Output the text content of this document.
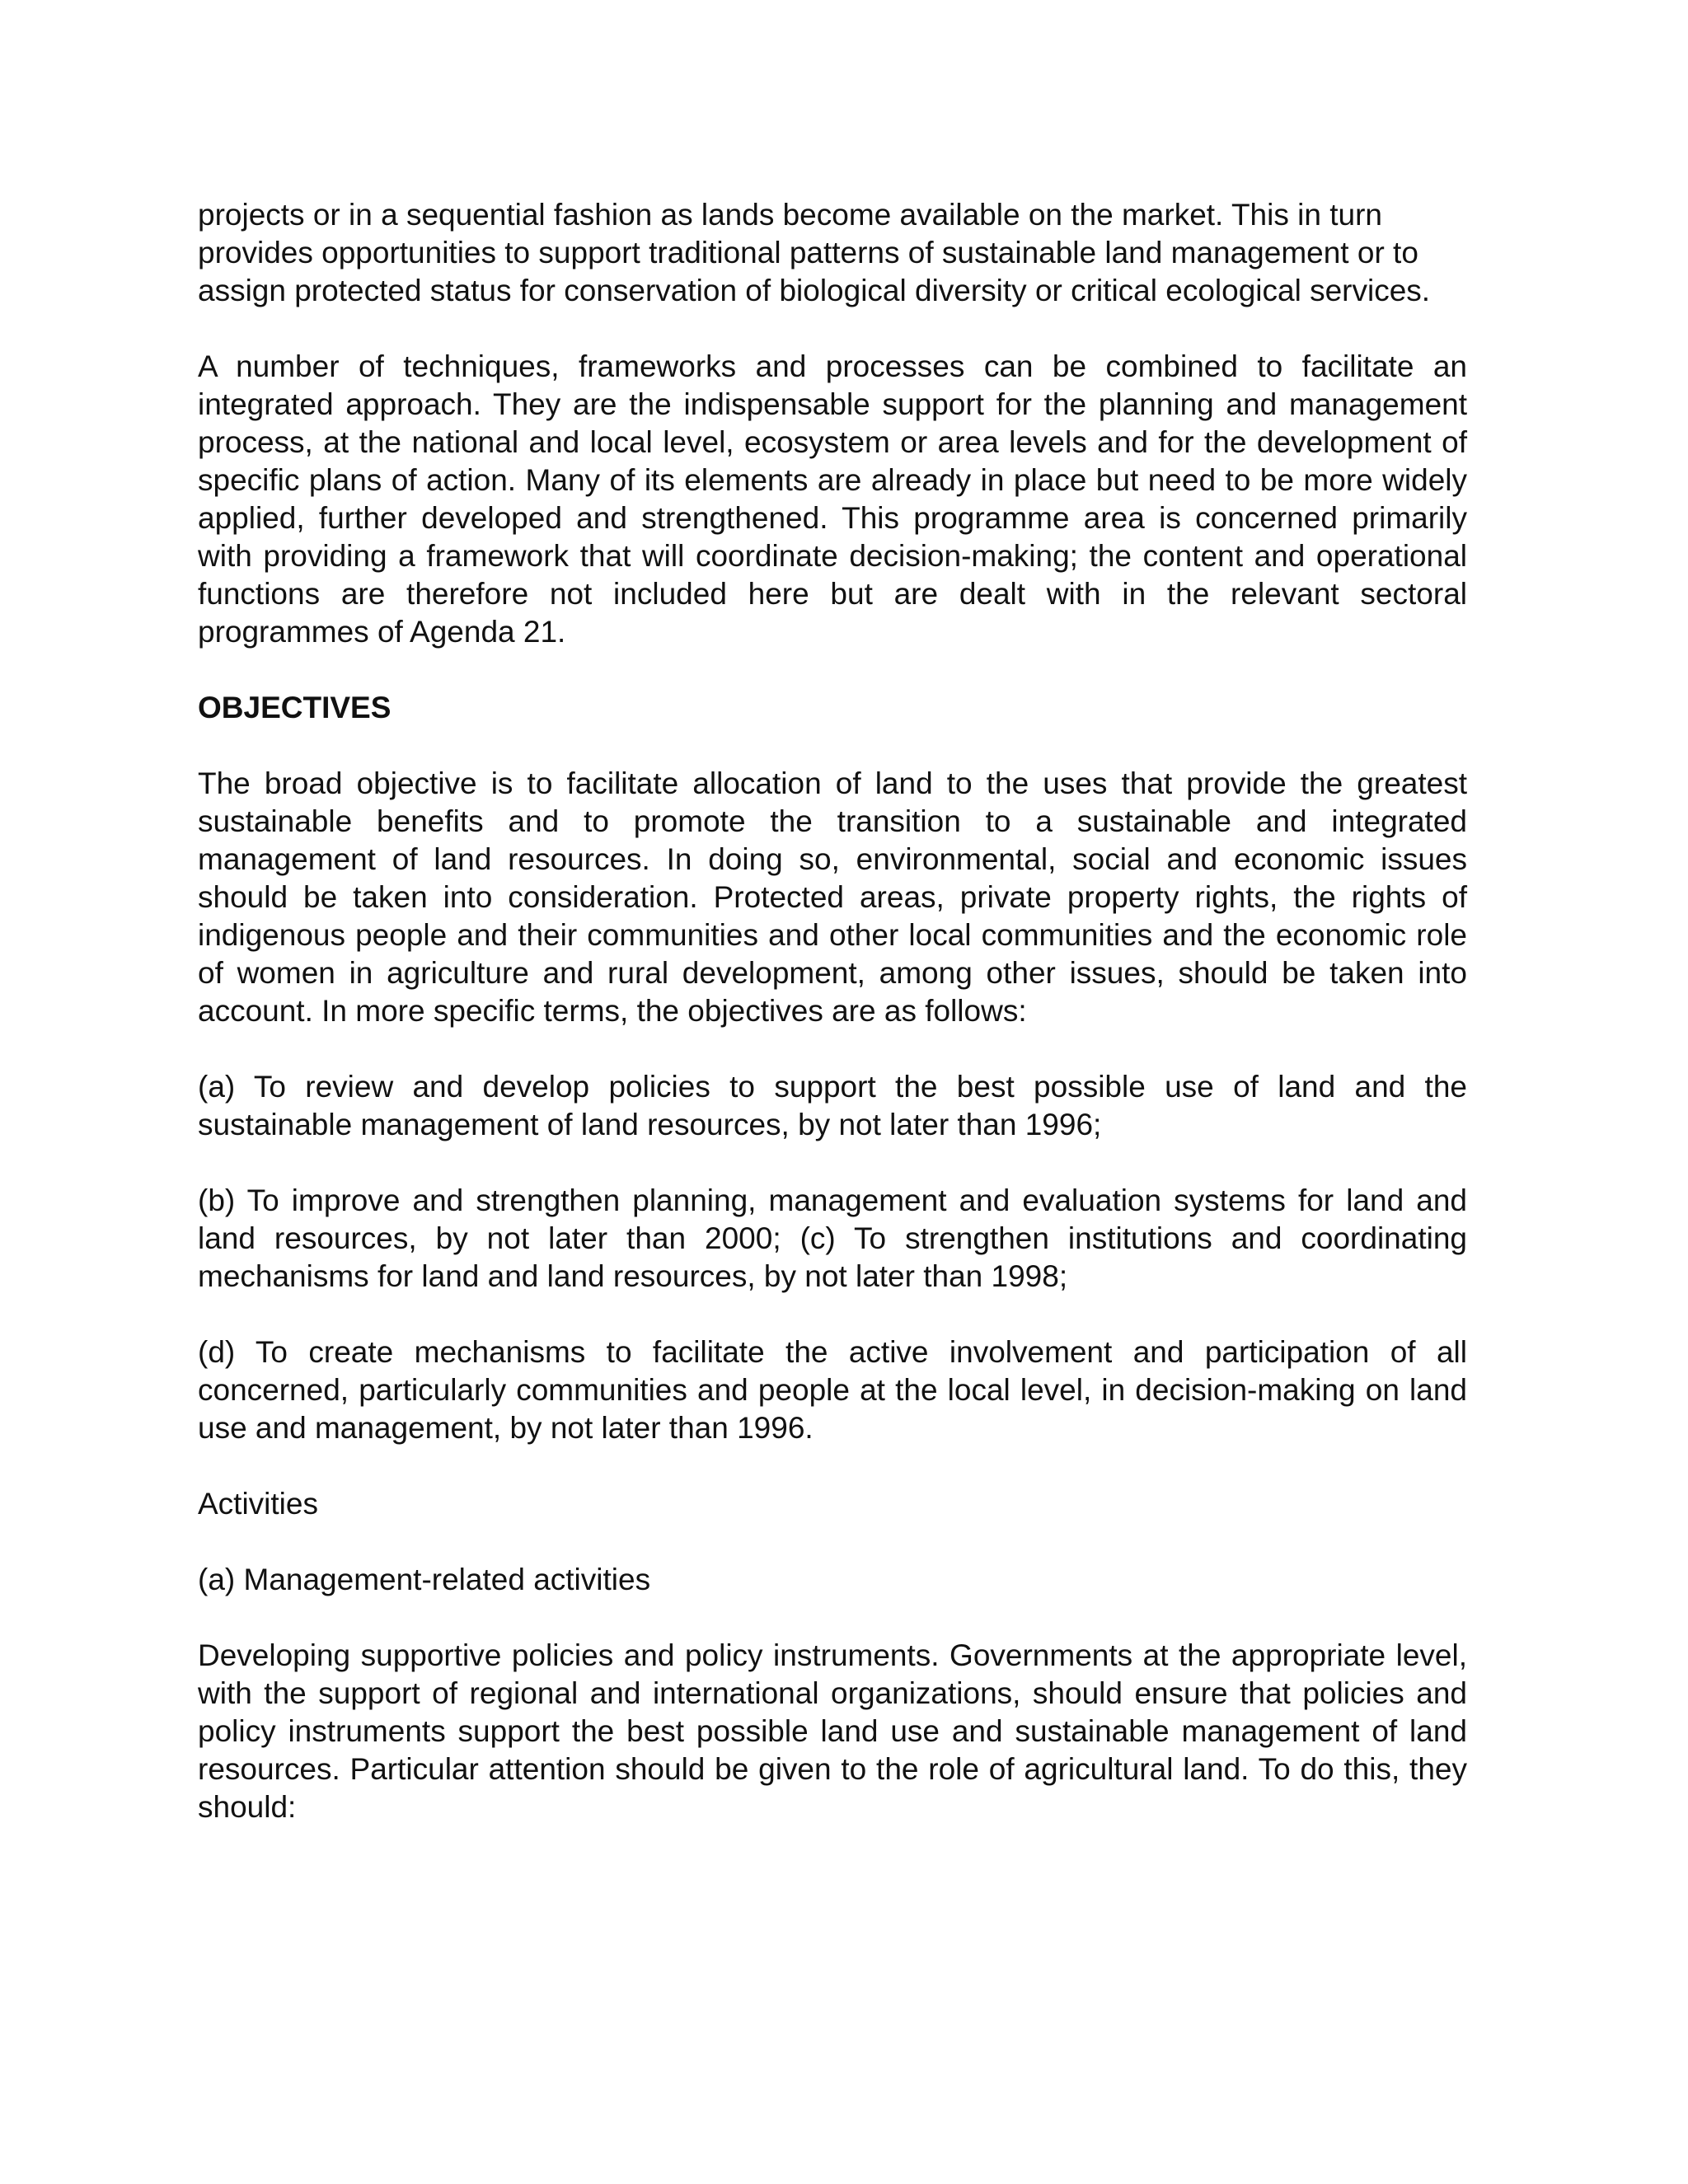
projects or in a sequential fashion as lands become available on the market. This in turn provides opportunities to support traditional patterns of sustainable land management or to assign protected status for conservation of biological diversity or critical ecological services.

A number of techniques, frameworks and processes can be combined to facilitate an integrated approach. They are the indispensable support for the planning and management process, at the national and local level, ecosystem or area levels and for the development of specific plans of action. Many of its elements are already in place but need to be more widely applied, further developed and strengthened. This programme area is concerned primarily with providing a framework that will coordinate decision-making; the content and operational functions are therefore not included here but are dealt with in the relevant sectoral programmes of Agenda 21.

OBJECTIVES

The broad objective is to facilitate allocation of land to the uses that provide the greatest sustainable benefits and to promote the transition to a sustainable and integrated management of land resources. In doing so, environmental, social and economic issues should be taken into consideration. Protected areas, private property rights, the rights of indigenous people and their communities and other local communities and the economic role of women in agriculture and rural development, among other issues, should be taken into account. In more specific terms, the objectives are as follows:

(a) To review and develop policies to support the best possible use of land and the sustainable management of land resources, by not later than 1996;

(b) To improve and strengthen planning, management and evaluation systems for land and land resources, by not later than 2000; (c) To strengthen institutions and coordinating mechanisms for land and land resources, by not later than 1998;

(d) To create mechanisms to facilitate the active involvement and participation of all concerned, particularly communities and people at the local level, in decision-making on land use and management, by not later than 1996.

Activities

(a) Management-related activities

Developing supportive policies and policy instruments. Governments at the appropriate level, with the support of regional and international organizations, should ensure that policies and policy instruments support the best possible land use and sustainable management of land resources. Particular attention should be given to the role of agricultural land. To do this, they should:
